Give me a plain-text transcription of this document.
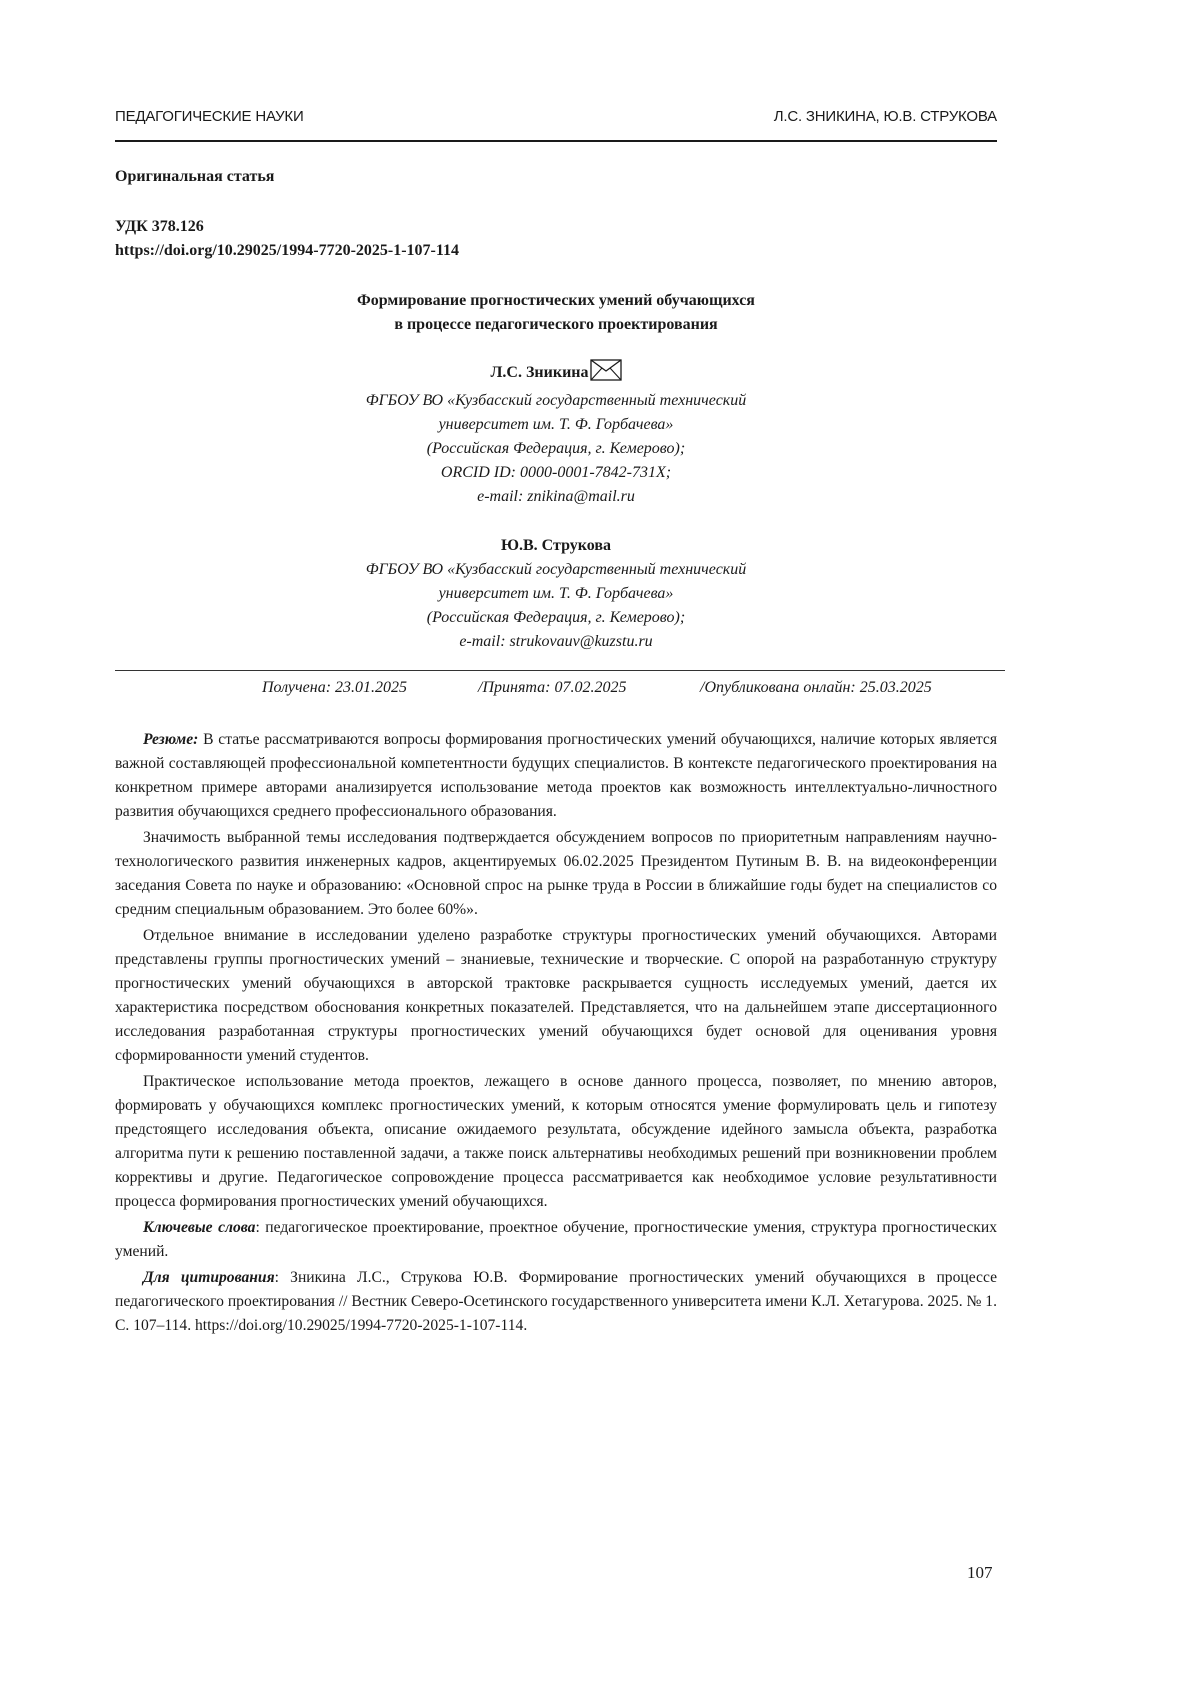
ПЕДАГОГИЧЕСКИЕ НАУКИ	Л.С. ЗНИКИНА, Ю.В. СТРУКОВА
Оригинальная статья
УДК 378.126
https://doi.org/10.29025/1994-7720-2025-1-107-114
Формирование прогностических умений обучающихся
в процессе педагогического проектирования
Л.С. Зникина
ФГБОУ ВО «Кузбасский государственный технический
университет им. Т. Ф. Горбачева»
(Российская Федерация, г. Кемерово);
ORCID ID: 0000-0001-7842-731X;
e-mail: znikina@mail.ru
Ю.В. Струкова
ФГБОУ ВО «Кузбасский государственный технический
университет им. Т. Ф. Горбачева»
(Российская Федерация, г. Кемерово);
e-mail: strukovauv@kuzstu.ru
Получена: 23.01.2025	/Принята: 07.02.2025	/Опубликована онлайн: 25.03.2025

Резюме: В статье рассматриваются вопросы формирования прогностических умений обучающихся, наличие которых является важной составляющей профессиональной компетентности будущих специалистов. В контексте педагогического проектирования на конкретном примере авторами анализируется использование метода проектов как возможность интеллектуально-личностного развития обучающихся среднего профессионального образования.

Значимость выбранной темы исследования подтверждается обсуждением вопросов по приоритетным направлениям научно-технологического развития инженерных кадров, акцентируемых 06.02.2025 Президентом Путиным В. В. на видеоконференции заседания Совета по науке и образованию: «Основной спрос на рынке труда в России в ближайшие годы будет на специалистов со средним специальным образованием. Это более 60%».

Отдельное внимание в исследовании уделено разработке структуры прогностических умений обучающихся. Авторами представлены группы прогностических умений – знаниевые, технические и творческие. С опорой на разработанную структуру прогностических умений обучающихся в авторской трактовке раскрывается сущность исследуемых умений, дается их характеристика посредством обоснования конкретных показателей. Представляется, что на дальнейшем этапе диссертационного исследования разработанная структуры прогностических умений обучающихся будет основой для оценивания уровня сформированности умений студентов.

Практическое использование метода проектов, лежащего в основе данного процесса, позволяет, по мнению авторов, формировать у обучающихся комплекс прогностических умений, к которым относятся умение формулировать цель и гипотезу предстоящего исследования объекта, описание ожидаемого результата, обсуждение идейного замысла объекта, разработка алгоритма пути к решению поставленной задачи, а также поиск альтернативы необходимых решений при возникновении проблем коррективы и другие. Педагогическое сопровождение процесса рассматривается как необходимое условие результативности процесса формирования прогностических умений обучающихся.

Ключевые слова: педагогическое проектирование, проектное обучение, прогностические умения, структура прогностических умений.

Для цитирования: Зникина Л.С., Струкова Ю.В. Формирование прогностических умений обучающихся в процессе педагогического проектирования // Вестник Северо-Осетинского государственного университета имени К.Л. Хетагурова. 2025. № 1. С. 107–114. https://doi.org/10.29025/1994-7720-2025-1-107-114.

107
